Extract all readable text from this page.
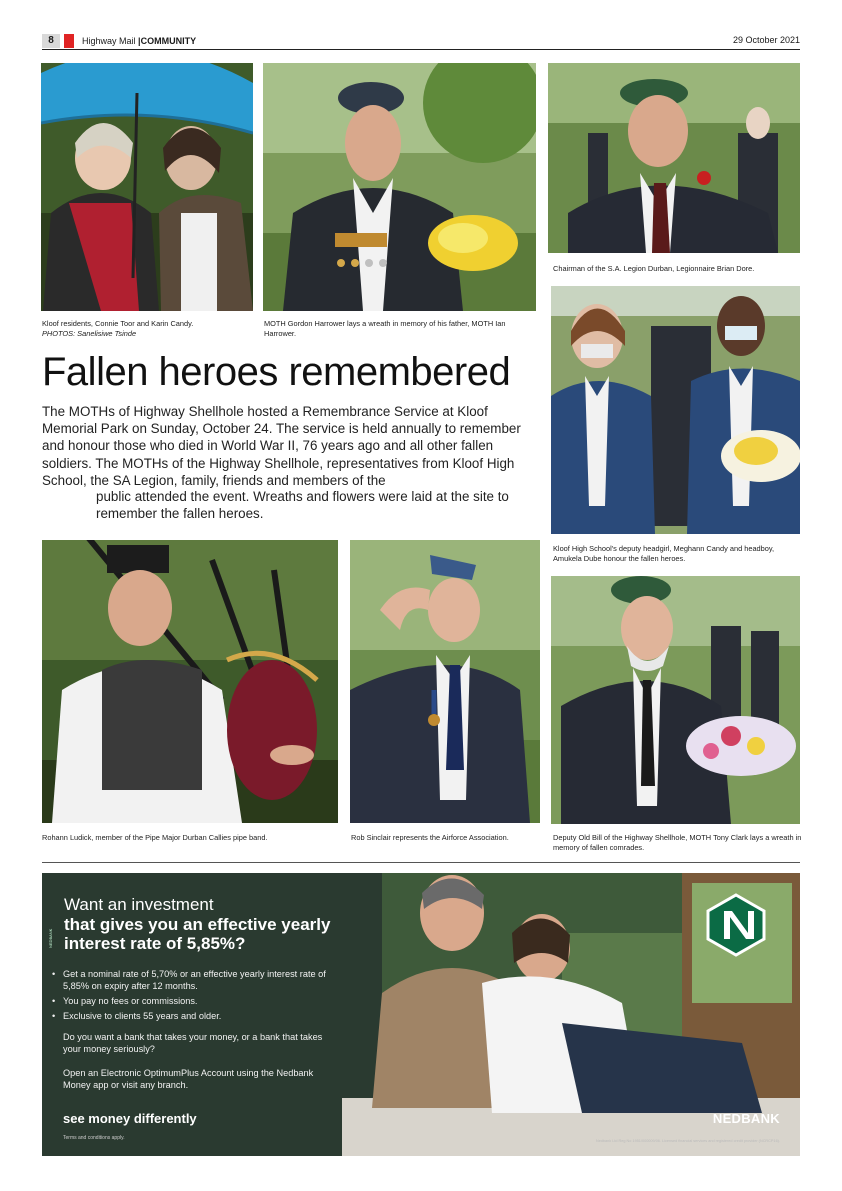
8	Highway Mail |COMMUNITY	29 October 2021
Kloof residents, Connie Toor and Karin Candy.
PHOTOS: Sanelisiwe Tsinde
MOTH Gordon Harrower lays a wreath in memory of his father, MOTH Ian Harrower.
Chairman of the S.A. Legion Durban, Legionnaire Brian Dore.
Kloof High School's deputy headgirl, Meghann Candy and headboy, Amukela Dube honour the fallen heroes.
Fallen heroes remembered

The MOTHs of Highway Shellhole hosted a Remembrance Service at Kloof Memorial Park on Sunday, October 24. The service is held annually to remember and honour those who died in World War II, 76 years ago and all other fallen soldiers. The MOTHs of the Highway Shellhole, representatives from Kloof High School, the SA Legion, family, friends and members of the

public attended the event. Wreaths and flowers were laid at the site to remember the fallen heroes.

Rohann Ludick, member of the Pipe Major Durban Callies pipe band.	Rob Sinclair represents the Airforce Association.	Deputy Old Bill of the Highway Shellhole, MOTH Tony Clark lays a wreath in memory of fallen comrades.
NEDBANK
Want an investment
that gives you an effective yearly interest rate of 5,85%?
• Get a nominal rate of 5,70% or an effective yearly interest rate of 5,85% on expiry after 12 months.
• You pay no fees or commissions.
• Exclusive to clients 55 years and older.
Do you want a bank that takes your money, or a bank that takes your money seriously?
Open an Electronic OptimumPlus Account using the Nedbank Money app or visit any branch.
see money differently
Terms and conditions apply.
NEDBANK
Nedbank Ltd Reg No 1951/000009/06. Licensed financial services and registered credit provider (NCRCP16).
